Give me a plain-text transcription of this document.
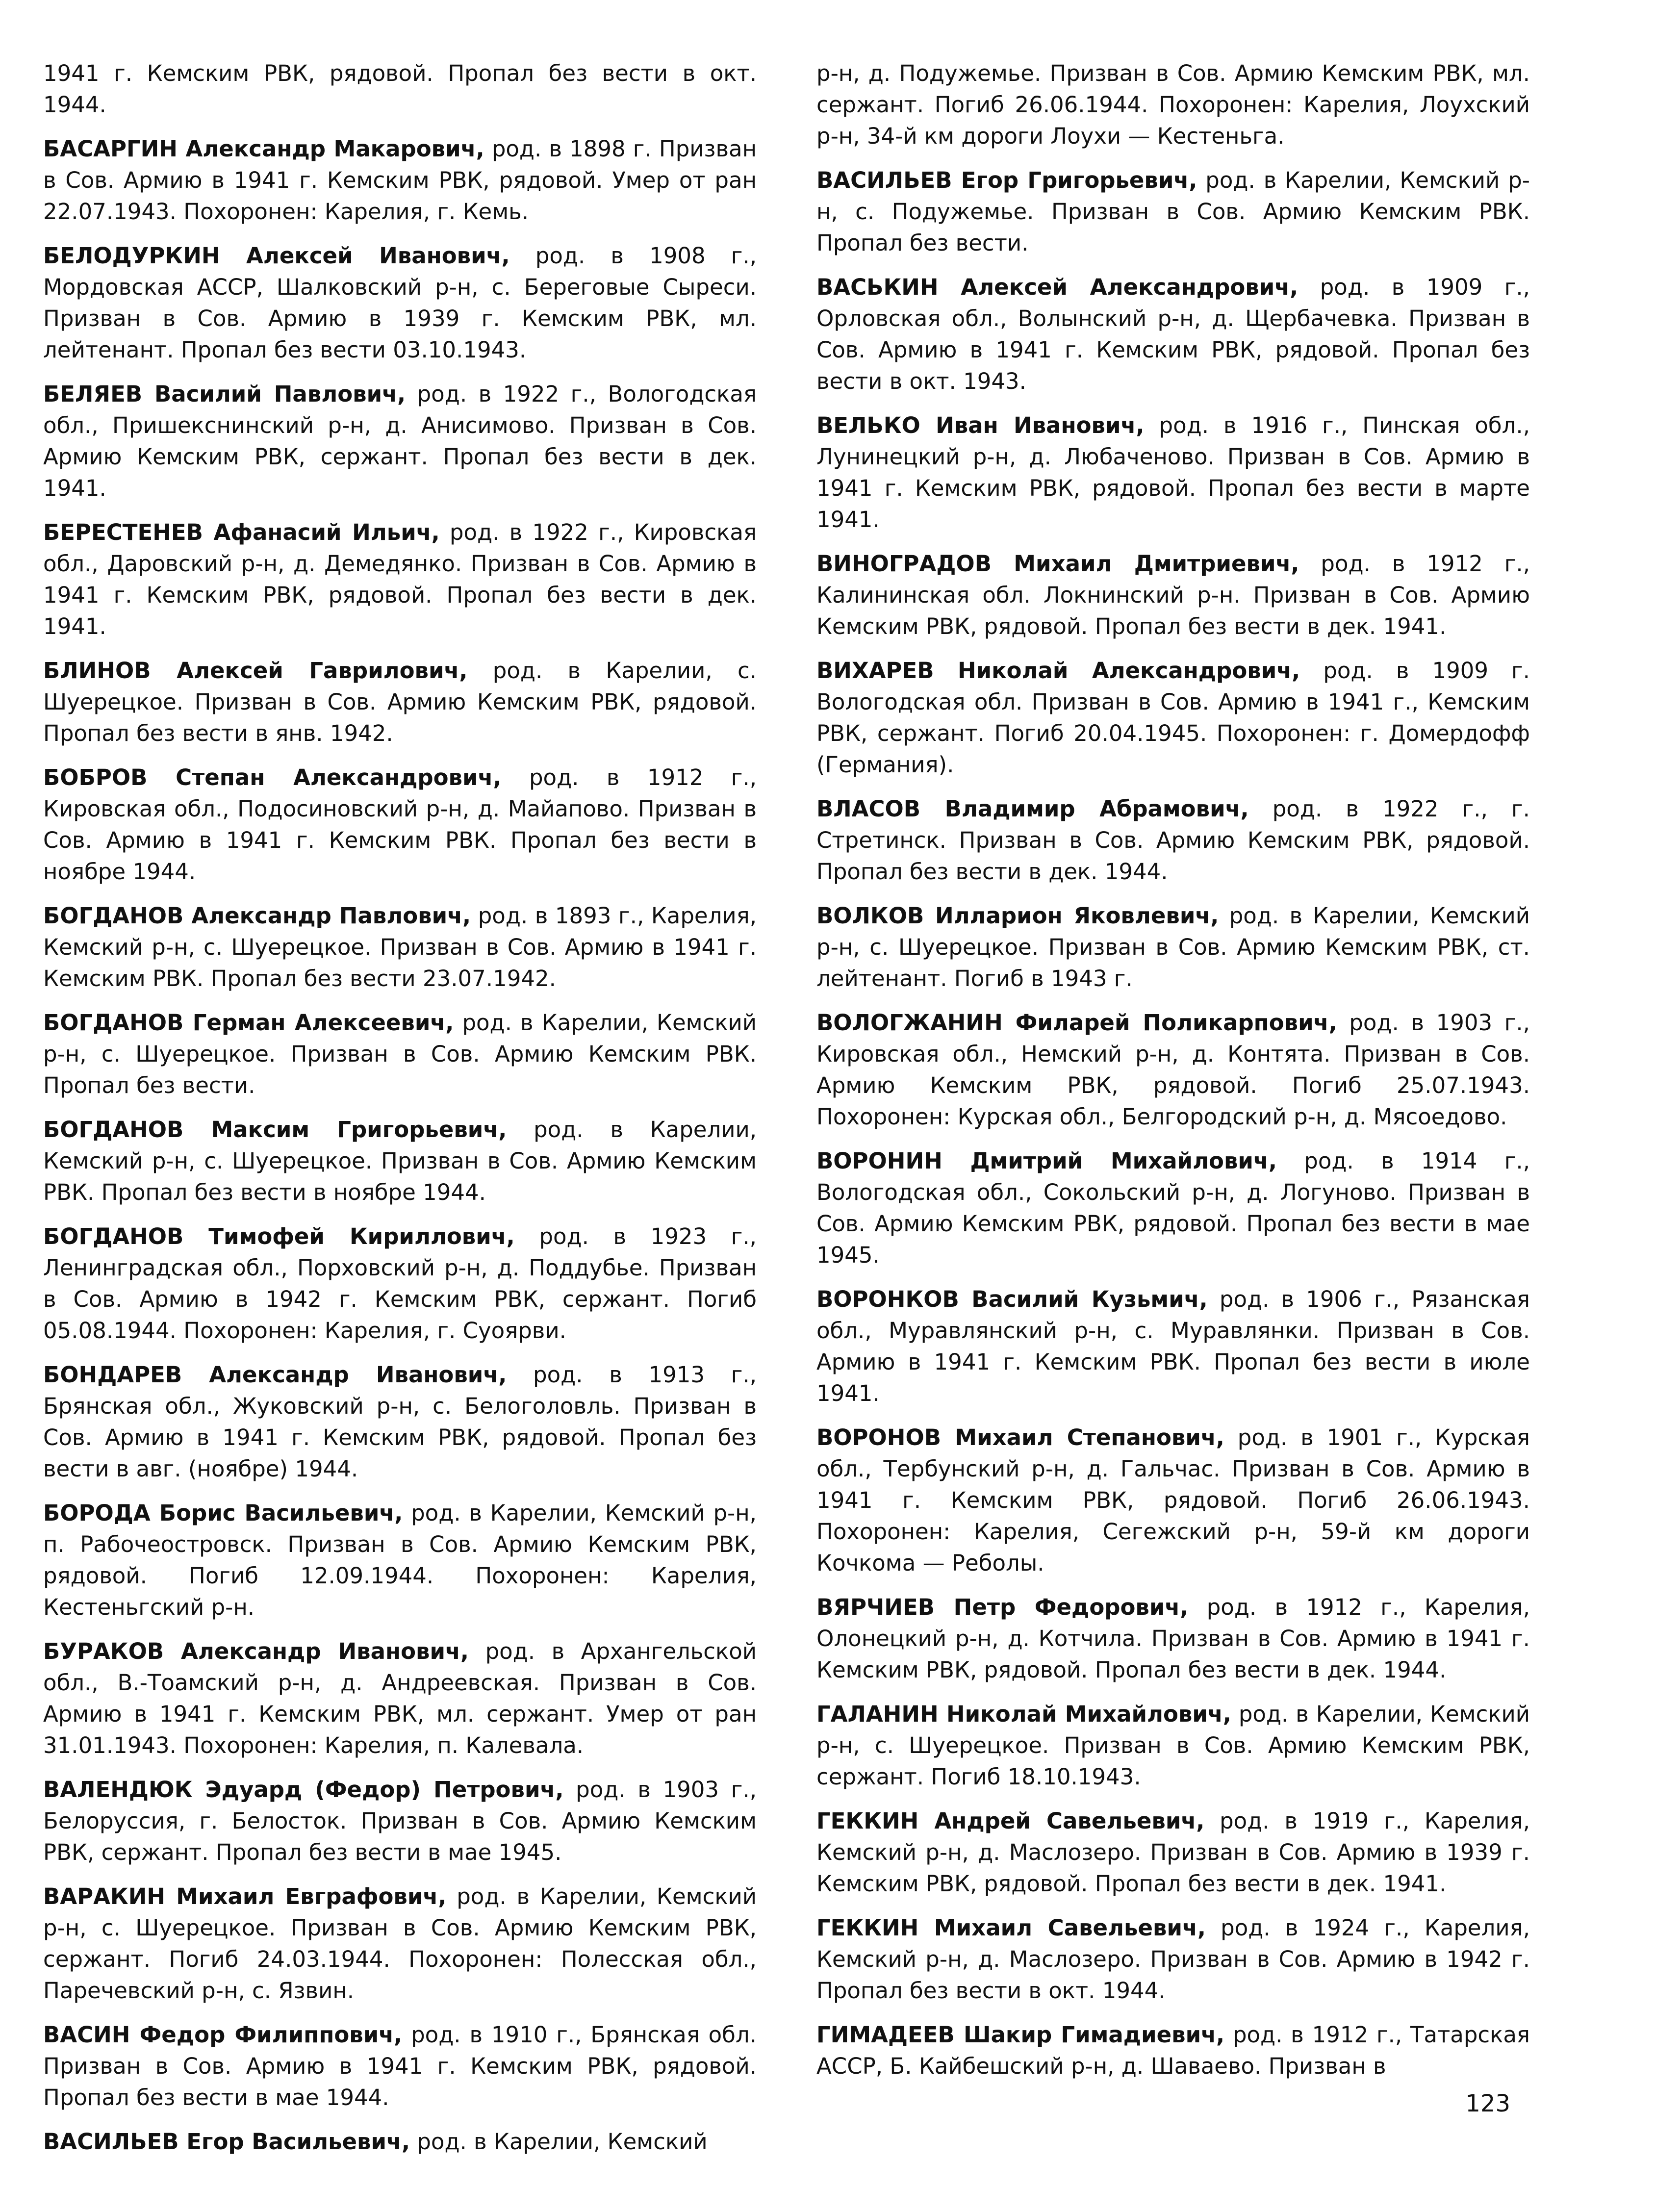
1941 г. Кемским РВК, рядовой. Пропал без вести в окт. 1944.

БАСАРГИН Александр Макарович, род. в 1898 г. Призван в Сов. Армию в 1941 г. Кемским РВК, рядовой. Умер от ран 22.07.1943. Похоронен: Карелия, г. Кемь.

БЕЛОДУРКИН Алексей Иванович, род. в 1908 г., Мордовская АССР, Шалковский р-н, с. Береговые Сыреси. Призван в Сов. Армию в 1939 г. Кемским РВК, мл. лейтенант. Пропал без вести 03.10.1943.

БЕЛЯЕВ Василий Павлович, род. в 1922 г., Вологодская обл., Пришекснинский р-н, д. Анисимово. Призван в Сов. Армию Кемским РВК, сержант. Пропал без вести в дек. 1941.

БЕРЕСТЕНЕВ Афанасий Ильич, род. в 1922 г., Кировская обл., Даровский р-н, д. Демедянко. Призван в Сов. Армию в 1941 г. Кемским РВК, рядовой. Пропал без вести в дек. 1941.

БЛИНОВ Алексей Гаврилович, род. в Карелии, с. Шуерецкое. Призван в Сов. Армию Кемским РВК, рядовой. Пропал без вести в янв. 1942.

БОБРОВ Степан Александрович, род. в 1912 г., Кировская обл., Подосиновский р-н, д. Майапово. Призван в Сов. Армию в 1941 г. Кемским РВК. Пропал без вести в ноябре 1944.

БОГДАНОВ Александр Павлович, род. в 1893 г., Карелия, Кемский р-н, с. Шуерецкое. Призван в Сов. Армию в 1941 г. Кемским РВК. Пропал без вести 23.07.1942.

БОГДАНОВ Герман Алексеевич, род. в Карелии, Кемский р-н, с. Шуерецкое. Призван в Сов. Армию Кемским РВК. Пропал без вести.

БОГДАНОВ Максим Григорьевич, род. в Карелии, Кемский р-н, с. Шуерецкое. Призван в Сов. Армию Кемским РВК. Пропал без вести в ноябре 1944.

БОГДАНОВ Тимофей Кириллович, род. в 1923 г., Ленинградская обл., Порховский р-н, д. Поддубье. Призван в Сов. Армию в 1942 г. Кемским РВК, сержант. Погиб 05.08.1944. Похоронен: Карелия, г. Суоярви.

БОНДАРЕВ Александр Иванович, род. в 1913 г., Брянская обл., Жуковский р-н, с. Белоголовль. Призван в Сов. Армию в 1941 г. Кемским РВК, рядовой. Пропал без вести в авг. (ноябре) 1944.

БОРОДА Борис Васильевич, род. в Карелии, Кемский р-н, п. Рабочеостровск. Призван в Сов. Армию Кемским РВК, рядовой. Погиб 12.09.1944. Похоронен: Карелия, Кестеньгский р-н.

БУРАКОВ Александр Иванович, род. в Архангельской обл., В.-Тоамский р-н, д. Андреевская. Призван в Сов. Армию в 1941 г. Кемским РВК, мл. сержант. Умер от ран 31.01.1943. Похоронен: Карелия, п. Калевала.

ВАЛЕНДЮК Эдуард (Федор) Петрович, род. в 1903 г., Белоруссия, г. Белосток. Призван в Сов. Армию Кемским РВК, сержант. Пропал без вести в мае 1945.

ВАРАКИН Михаил Евграфович, род. в Карелии, Кемский р-н, с. Шуерецкое. Призван в Сов. Армию Кемским РВК, сержант. Погиб 24.03.1944. Похоронен: Полесская обл., Паречевский р-н, с. Язвин.

ВАСИН Федор Филиппович, род. в 1910 г., Брянская обл. Призван в Сов. Армию в 1941 г. Кемским РВК, рядовой. Пропал без вести в мае 1944.

ВАСИЛЬЕВ Егор Васильевич, род. в Карелии, Кемский

р-н, д. Подужемье. Призван в Сов. Армию Кемским РВК, мл. сержант. Погиб 26.06.1944. Похоронен: Карелия, Лоухский р-н, 34-й км дороги Лоухи — Кестеньга.

ВАСИЛЬЕВ Егор Григорьевич, род. в Карелии, Кемский р-н, с. Подужемье. Призван в Сов. Армию Кемским РВК. Пропал без вести.

ВАСЬКИН Алексей Александрович, род. в 1909 г., Орловская обл., Волынский р-н, д. Щербачевка. Призван в Сов. Армию в 1941 г. Кемским РВК, рядовой. Пропал без вести в окт. 1943.

ВЕЛЬКО Иван Иванович, род. в 1916 г., Пинская обл., Лунинецкий р-н, д. Любаченово. Призван в Сов. Армию в 1941 г. Кемским РВК, рядовой. Пропал без вести в марте 1941.

ВИНОГРАДОВ Михаил Дмитриевич, род. в 1912 г., Калининская обл. Локнинский р-н. Призван в Сов. Армию Кемским РВК, рядовой. Пропал без вести в дек. 1941.

ВИХАРЕВ Николай Александрович, род. в 1909 г. Вологодская обл. Призван в Сов. Армию в 1941 г., Кемским РВК, сержант. Погиб 20.04.1945. Похоронен: г. Домердофф (Германия).

ВЛАСОВ Владимир Абрамович, род. в 1922 г., г. Стретинск. Призван в Сов. Армию Кемским РВК, рядовой. Пропал без вести в дек. 1944.

ВОЛКОВ Илларион Яковлевич, род. в Карелии, Кемский р-н, с. Шуерецкое. Призван в Сов. Армию Кемским РВК, ст. лейтенант. Погиб в 1943 г.

ВОЛОГЖАНИН Филарей Поликарпович, род. в 1903 г., Кировская обл., Немский р-н, д. Контята. Призван в Сов. Армию Кемским РВК, рядовой. Погиб 25.07.1943. Похоронен: Курская обл., Белгородский р-н, д. Мясоедово.

ВОРОНИН Дмитрий Михайлович, род. в 1914 г., Вологодская обл., Сокольский р-н, д. Логуново. Призван в Сов. Армию Кемским РВК, рядовой. Пропал без вести в мае 1945.

ВОРОНКОВ Василий Кузьмич, род. в 1906 г., Рязанская обл., Муравлянский р-н, с. Муравлянки. Призван в Сов. Армию в 1941 г. Кемским РВК. Пропал без вести в июле 1941.

ВОРОНОВ Михаил Степанович, род. в 1901 г., Курская обл., Тербунский р-н, д. Гальчас. Призван в Сов. Армию в 1941 г. Кемским РВК, рядовой. Погиб 26.06.1943. Похоронен: Карелия, Сегежский р-н, 59-й км дороги Кочкома — Реболы.

ВЯРЧИЕВ Петр Федорович, род. в 1912 г., Карелия, Олонецкий р-н, д. Котчила. Призван в Сов. Армию в 1941 г. Кемским РВК, рядовой. Пропал без вести в дек. 1944.

ГАЛАНИН Николай Михайлович, род. в Карелии, Кемский р-н, с. Шуерецкое. Призван в Сов. Армию Кемским РВК, сержант. Погиб 18.10.1943.

ГЕККИН Андрей Савельевич, род. в 1919 г., Карелия, Кемский р-н, д. Маслозеро. Призван в Сов. Армию в 1939 г. Кемским РВК, рядовой. Пропал без вести в дек. 1941.

ГЕККИН Михаил Савельевич, род. в 1924 г., Карелия, Кемский р-н, д. Маслозеро. Призван в Сов. Армию в 1942 г. Пропал без вести в окт. 1944.

ГИМАДЕЕВ Шакир Гимадиевич, род. в 1912 г., Татарская АССР, Б. Кайбешский р-н, д. Шаваево. Призван в

123
